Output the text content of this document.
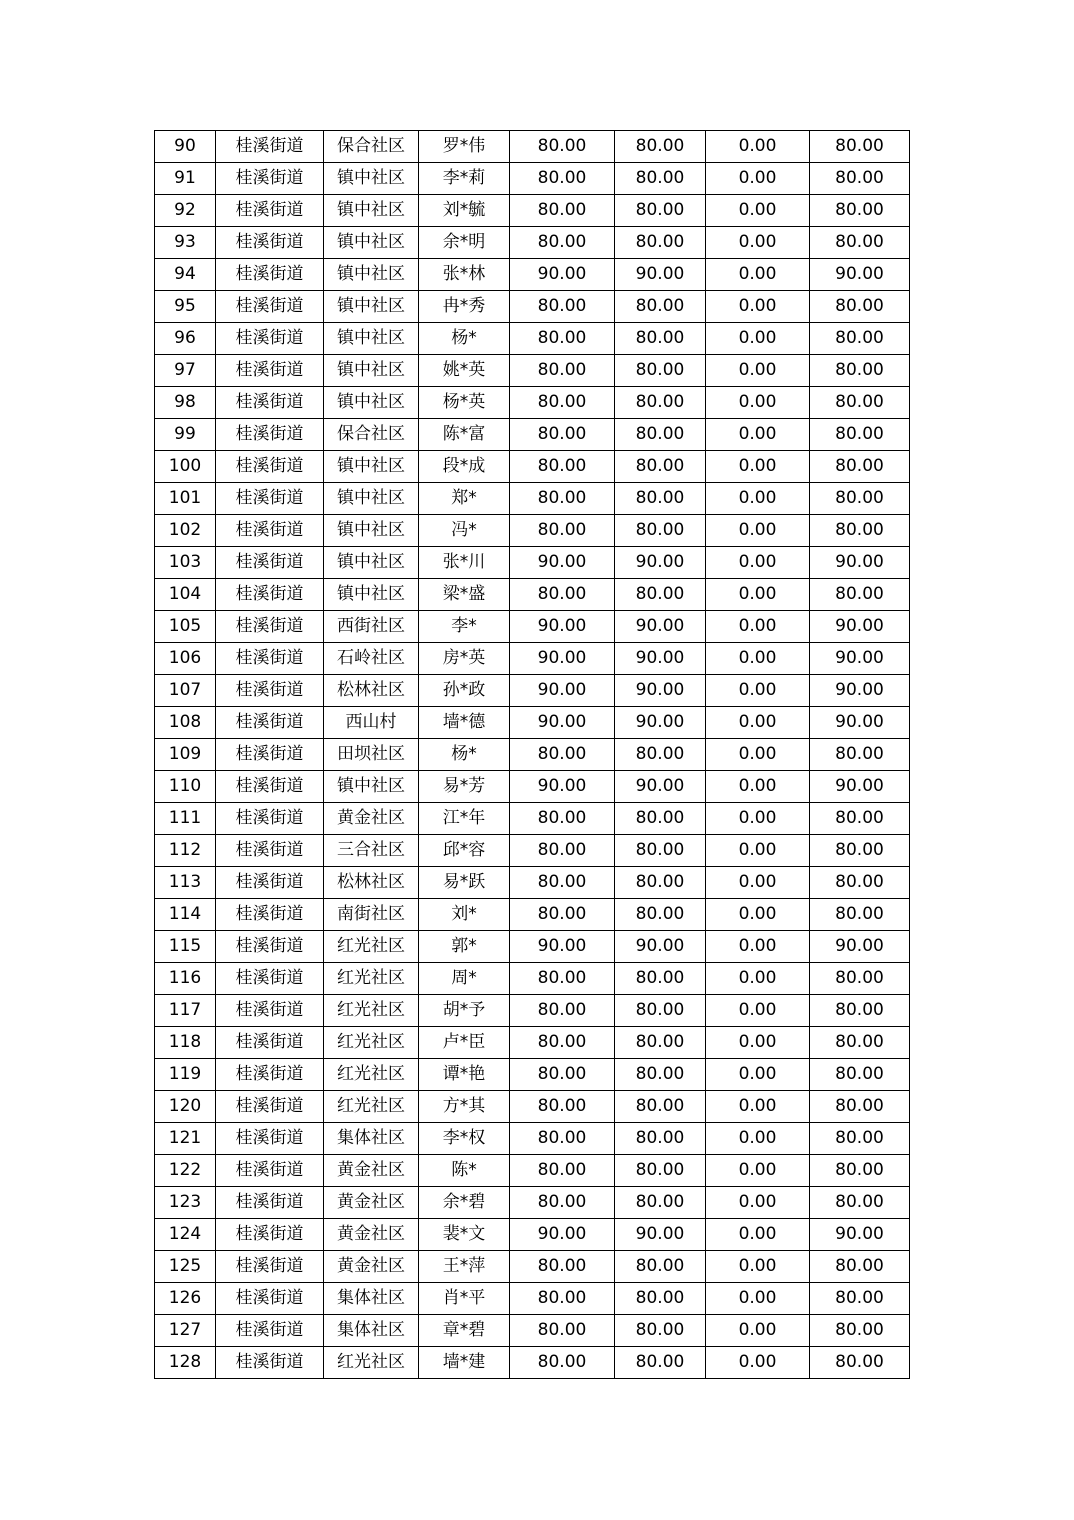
90	桂溪街道	保合社区	罗*伟	80.00	80.00	0.00	80.00
91	桂溪街道	镇中社区	李*莉	80.00	80.00	0.00	80.00
92	桂溪街道	镇中社区	刘*毓	80.00	80.00	0.00	80.00
93	桂溪街道	镇中社区	余*明	80.00	80.00	0.00	80.00
94	桂溪街道	镇中社区	张*林	90.00	90.00	0.00	90.00
95	桂溪街道	镇中社区	冉*秀	80.00	80.00	0.00	80.00
96	桂溪街道	镇中社区	杨*	80.00	80.00	0.00	80.00
97	桂溪街道	镇中社区	姚*英	80.00	80.00	0.00	80.00
98	桂溪街道	镇中社区	杨*英	80.00	80.00	0.00	80.00
99	桂溪街道	保合社区	陈*富	80.00	80.00	0.00	80.00
100	桂溪街道	镇中社区	段*成	80.00	80.00	0.00	80.00
101	桂溪街道	镇中社区	郑*	80.00	80.00	0.00	80.00
102	桂溪街道	镇中社区	冯*	80.00	80.00	0.00	80.00
103	桂溪街道	镇中社区	张*川	90.00	90.00	0.00	90.00
104	桂溪街道	镇中社区	梁*盛	80.00	80.00	0.00	80.00
105	桂溪街道	西街社区	李*	90.00	90.00	0.00	90.00
106	桂溪街道	石岭社区	房*英	90.00	90.00	0.00	90.00
107	桂溪街道	松林社区	孙*政	90.00	90.00	0.00	90.00
108	桂溪街道	西山村	墙*德	90.00	90.00	0.00	90.00
109	桂溪街道	田坝社区	杨*	80.00	80.00	0.00	80.00
110	桂溪街道	镇中社区	易*芳	90.00	90.00	0.00	90.00
111	桂溪街道	黄金社区	江*年	80.00	80.00	0.00	80.00
112	桂溪街道	三合社区	邱*容	80.00	80.00	0.00	80.00
113	桂溪街道	松林社区	易*跃	80.00	80.00	0.00	80.00
114	桂溪街道	南街社区	刘*	80.00	80.00	0.00	80.00
115	桂溪街道	红光社区	郭*	90.00	90.00	0.00	90.00
116	桂溪街道	红光社区	周*	80.00	80.00	0.00	80.00
117	桂溪街道	红光社区	胡*予	80.00	80.00	0.00	80.00
118	桂溪街道	红光社区	卢*臣	80.00	80.00	0.00	80.00
119	桂溪街道	红光社区	谭*艳	80.00	80.00	0.00	80.00
120	桂溪街道	红光社区	方*其	80.00	80.00	0.00	80.00
121	桂溪街道	集体社区	李*权	80.00	80.00	0.00	80.00
122	桂溪街道	黄金社区	陈*	80.00	80.00	0.00	80.00
123	桂溪街道	黄金社区	余*碧	80.00	80.00	0.00	80.00
124	桂溪街道	黄金社区	裴*文	90.00	90.00	0.00	90.00
125	桂溪街道	黄金社区	王*萍	80.00	80.00	0.00	80.00
126	桂溪街道	集体社区	肖*平	80.00	80.00	0.00	80.00
127	桂溪街道	集体社区	章*碧	80.00	80.00	0.00	80.00
128	桂溪街道	红光社区	墙*建	80.00	80.00	0.00	80.00
